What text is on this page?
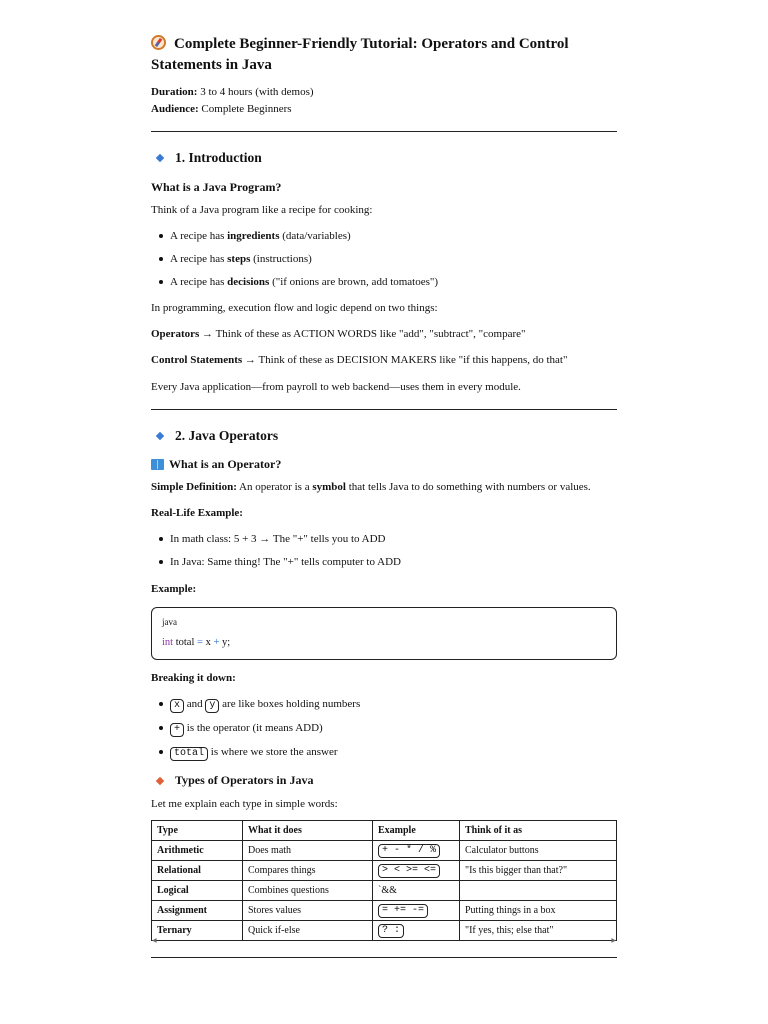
Complete Beginner-Friendly Tutorial: Operators and Control Statements in Java

Duration: 3 to 4 hours (with demos)

Audience: Complete Beginners

1. Introduction
What is a Java Program?

Think of a Java program like a recipe for cooking:

A recipe has ingredients (data/variables)
A recipe has steps (instructions)
A recipe has decisions ("if onions are brown, add tomatoes")

In programming, execution flow and logic depend on two things:

Operators → Think of these as ACTION WORDS like "add", "subtract", "compare"

Control Statements → Think of these as DECISION MAKERS like "if this happens, do that"

Every Java application—from payroll to web backend—uses them in every module.

2. Java Operators
What is an Operator?

Simple Definition: An operator is a symbol that tells Java to do something with numbers or values.

Real-Life Example:

In math class: 5 + 3 → The "+" tells you to ADD
In Java: Same thing! The "+" tells computer to ADD

Example:

java
int total = x + y;

Breaking it down:

x and y are like boxes holding numbers
+ is the operator (it means ADD)
total is where we store the answer
Types of Operators in Java

Let me explain each type in simple words:

Type	What it does	Example	Think of it as
Arithmetic	Does math	+ - * / %	Calculator buttons
Relational	Compares things	> < >= <=	"Is this bigger than that?"
Logical	Combines questions	`&&	
Assignment	Stores values	= += -=	Putting things in a box
Ternary	Quick if-else	? :	"If yes, this; else that"
◀	▶
